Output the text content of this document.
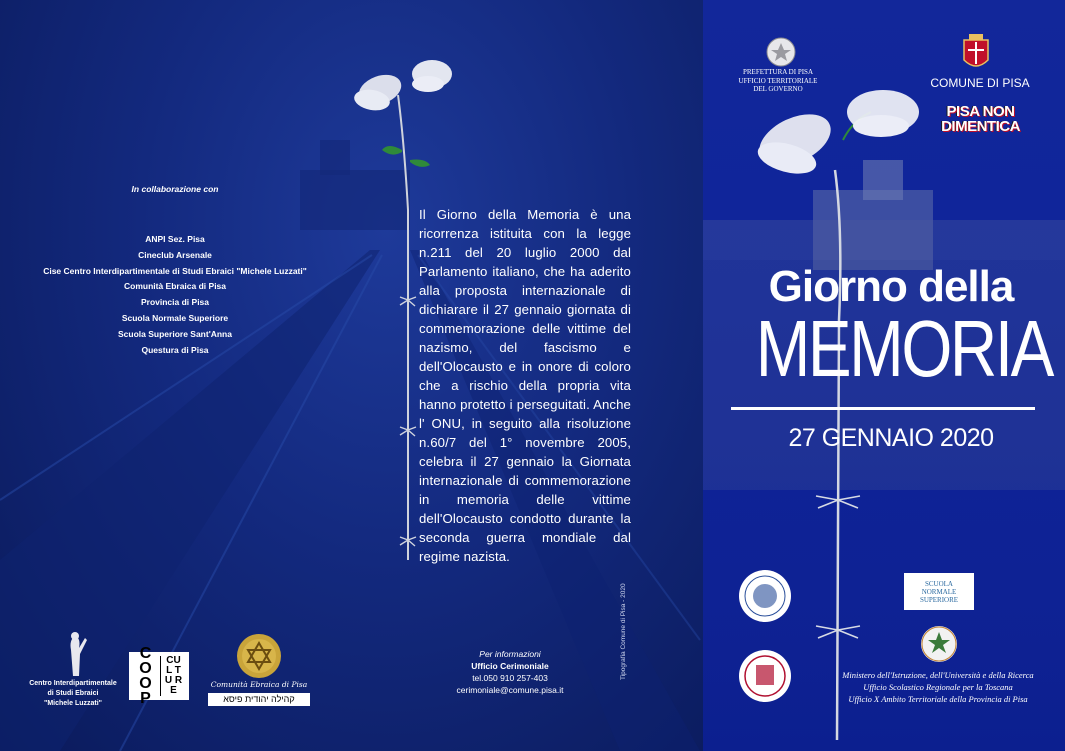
In collaborazione con
ANPI Sez. Pisa
Cineclub Arsenale
Cise Centro Interdipartimentale di Studi Ebraici "Michele Luzzati"
Comunità Ebraica di Pisa
Provincia di Pisa
Scuola Normale Superiore
Scuola Superiore Sant'Anna
Questura di Pisa
Il Giorno della Memoria è una ricorrenza istituita con la legge n.211 del 20 luglio 2000 dal Parlamento italiano, che ha aderito alla proposta internazionale di dichiarare il 27 gennaio giornata di commemorazione delle vittime del nazismo, del fascismo e dell'Olocausto e in onore di coloro che a rischio della propria vita hanno protetto i perseguitati. Anche l' ONU, in seguito alla risoluzione n.60/7 del 1° novembre 2005, celebra il 27 gennaio la Giornata internazionale di commemorazione in memoria delle vittime dell'Olocausto condotto durante la seconda guerra mondiale dal regime nazista.
Per informazioni
Ufficio Cerimoniale
tel.050 910 257-403
cerimoniale@comune.pisa.it
Tipografia Comune di Pisa - 2020
Centro Interdipartimentale
di Studi Ebraici
"Michele Luzzati"
CO OP
CUL TU RE
Comunità Ebraica di Pisa
קהילה יהודית פיסא
PREFETTURA DI PISA
UFFICIO TERRITORIALE
DEL GOVERNO	COMUNE DI PISA
PISA NON
DIMENTICA
Giorno della
MEMORIA
27 GENNAIO 2020
SCUOLA
NORMALE
SUPERIORE
Ministero dell'Istruzione, dell'Università e della Ricerca
Ufficio Scolastico Regionale per la Toscana
Ufficio X Ambito Territoriale della Provincia di Pisa
